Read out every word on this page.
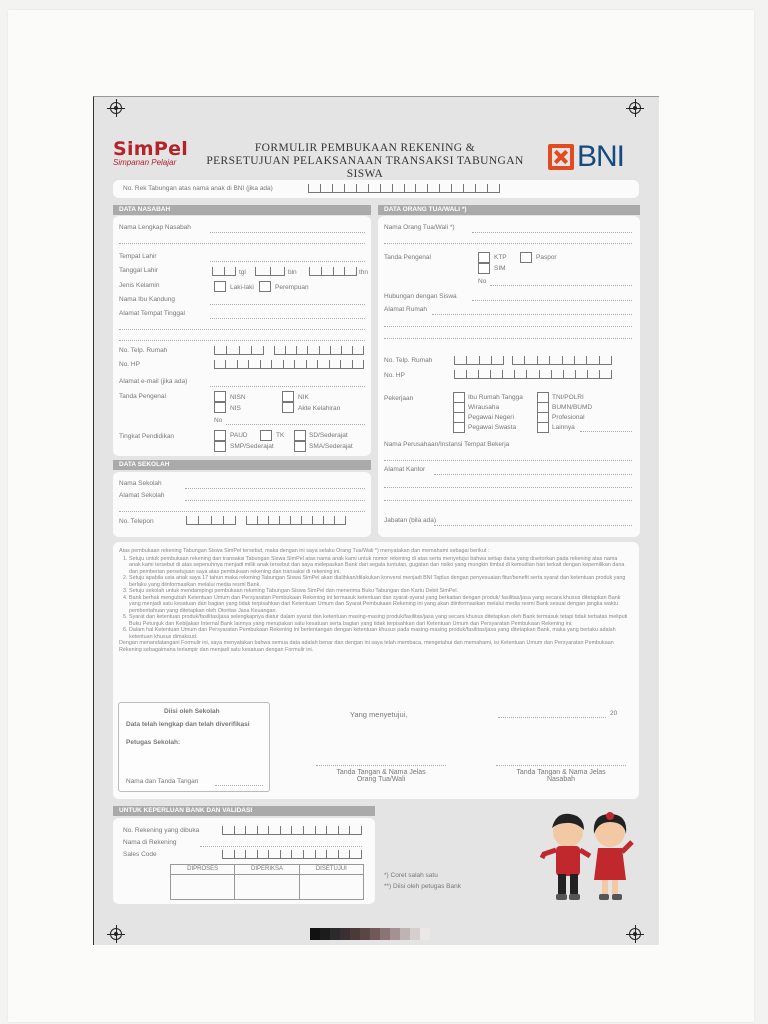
SimPel
Simpanan Pelajar
FORMULIR PEMBUKAAN REKENING &
PERSETUJUAN PELAKSANAAN TRANSAKSI TABUNGAN SISWA
BNI
No. Rek Tabungan atas nama anak di BNI (jika ada)
DATA NASABAH
Nama Lengkap Nasabah
Tempat Lahir
Tanggal Lahir	tgl	bln	thn
Jenis Kelamin	Laki-laki	Perempuan
Nama Ibu Kandung
Alamat Tempat Tinggal
No. Telp. Rumah
No. HP
Alamat e-mail (jika ada)
Tanda Pengenal	NISN
NIS
NIK
Akte Kelahiran
No
Tingkat Pendidikan	PAUD	TK	SD/Sederajat
SMP/Sederajat	SMA/Sederajat
DATA SEKOLAH
Nama Sekolah
Alamat Sekolah
No. Telepon
DATA ORANG TUA/WALI *)
Nama Orang Tua/Wali *)
Tanda Pengenal	KTP	Paspor
SIM
No
Hubungan dengan Siswa
Alamat Rumah
No. Telp. Rumah
No. HP
Pekerjaan	Ibu Rumah Tangga
Wirausaha
Pegawai Negeri
Pegawai Swasta
TNI/POLRI
BUMN/BUMD
Profesional
Lainnya
Nama Perusahaan/Instansi Tempat Bekerja
Alamat Kantor
Jabatan (bila ada)

Atas pembukaan rekening Tabungan Siswa SimPel tersebut, maka dengan ini saya selaku Orang Tua/Wali *) menyatakan dan memahami sebagai berikut :

1. Setuju untuk pembukaan rekening dan transaksi Tabungan Siswa SimPel atas nama anak kami untuk nomor rekening di atas serta menyetujui bahwa setiap dana yang disetorkan pada rekening atas nama anak kami tersebut di atas sepenuhnya menjadi milik anak tersebut dan saya melepaskan Bank dari segala tuntutan, gugatan dan risiko yang mungkin timbul di kemudian hari terkait dengan kepemilikan dana dan pemberian persetujuan saya atas pembukaan rekening dan transaksi di rekening ini.
2. Setuju apabila usia anak saya 17 tahun maka rekening Tabungan Siswa SimPel akan dialihkan/dilakukan konversi menjadi BNI Taplus dengan penyesuaian fitur/benefit serta syarat dan ketentuan produk yang berlaku yang diinformasikan melalui media resmi Bank.
3. Setuju sekolah untuk mendampingi pembukaan rekening Tabungan Siswa SimPel dan menerima Buku Tabungan dan Kartu Debit SimPel.
4. Bank berhak mengubah Ketentuan Umum dan Persyaratan Pembukaan Rekening ini termasuk ketentuan dan syarat-syarat yang berkaitan dengan produk/ fasilitas/jasa yang secara khusus ditetapkan Bank yang menjadi satu kesatuan dan bagian yang tidak terpisahkan dari Ketentuan Umum dan Syarat Pembukaan Rekening ini yang akan diinformasikan melalui media resmi Bank sesuai dengan jangka waktu pemberitahuan yang ditetapkan oleh Otoritas Jasa Keuangan.
5. Syarat dan ketentuan produk/fasilitas/jasa selengkapnya diatur dalam syarat dan ketentuan masing-masing produk/fasilitas/jasa yang secara khusus ditetapkan oleh Bank termasuk tetapi tidak terbatas meliputi Buku Petunjuk dan Kebijakan Internal Bank lainnya yang merupakan satu kesatuan serta bagian yang tidak terpisahkan dari Ketentuan Umum dan Persyaratan Pembukaan Rekening ini.
6. Dalam hal Ketentuan Umum dan Persyaratan Pembukaan Rekening ini bertentangan dengan ketentuan khusus pada masing-masing produk/fasilitas/jasa yang ditetapkan Bank, maka yang berlaku adalah ketentuan khusus dimaksud.

Dengan menandatangani Formulir ini, saya menyatakan bahwa semua data adalah benar dan dengan ini saya telah membaca, mengetahui dan memahami, isi Ketentuan Umum dan Persyaratan Pembukaan Rekening sebagaimana terlampir dan menjadi satu kesatuan dengan Formulir ini.

Diisi oleh Sekolah
Data telah lengkap dan telah diverifikasi
Petugas Sekolah:
Nama dan Tanda Tangan
Yang menyetujui,	20
Tanda Tangan & Nama Jelas
Orang Tua/Wali
Tanda Tangan & Nama Jelas
Nasabah
UNTUK KEPERLUAN BANK DAN VALIDASI
No. Rekening yang dibuka
Nama di Rekening
Sales Code
DIPROSES	DIPERIKSA	DISETUJUI
*) Coret salah satu
**) Diisi oleh petugas Bank
